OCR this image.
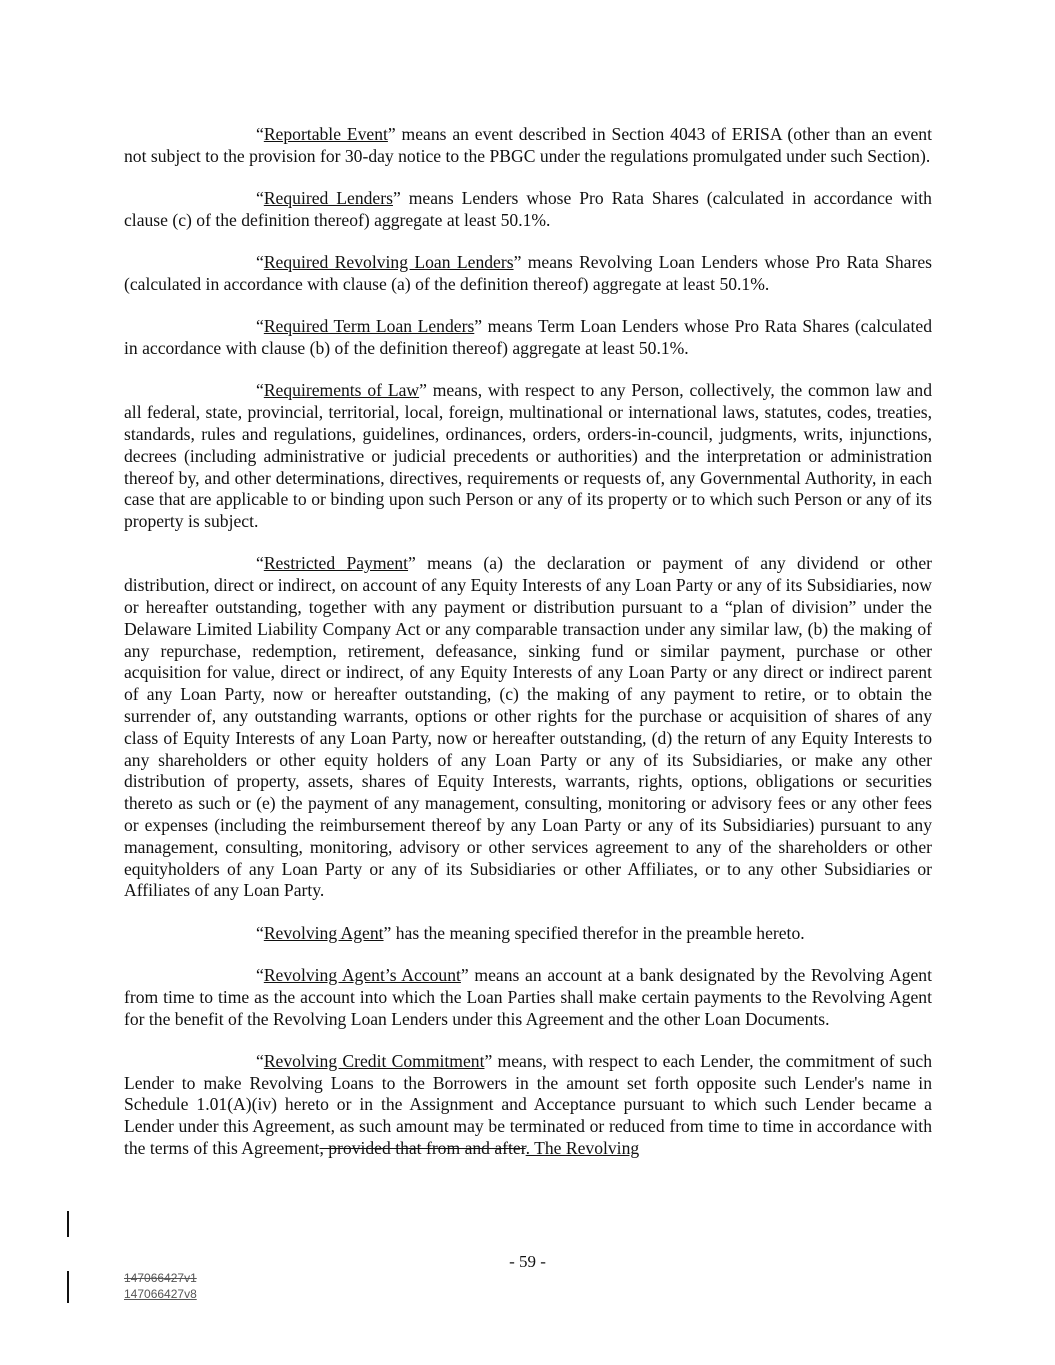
“Reportable Event” means an event described in Section 4043 of ERISA (other than an event not subject to the provision for 30-day notice to the PBGC under the regulations promulgated under such Section).

“Required Lenders” means Lenders whose Pro Rata Shares (calculated in accordance with clause (c) of the definition thereof) aggregate at least 50.1%.

“Required Revolving Loan Lenders” means Revolving Loan Lenders whose Pro Rata Shares (calculated in accordance with clause (a) of the definition thereof) aggregate at least 50.1%.

“Required Term Loan Lenders” means Term Loan Lenders whose Pro Rata Shares (calculated in accordance with clause (b) of the definition thereof) aggregate at least 50.1%.

“Requirements of Law” means, with respect to any Person, collectively, the common law and all federal, state, provincial, territorial, local, foreign, multinational or international laws, statutes, codes, treaties, standards, rules and regulations, guidelines, ordinances, orders, orders-in-council, judgments, writs, injunctions, decrees (including administrative or judicial precedents or authorities) and the interpretation or administration thereof by, and other determinations, directives, requirements or requests of, any Governmental Authority, in each case that are applicable to or binding upon such Person or any of its property or to which such Person or any of its property is subject.

“Restricted Payment” means (a) the declaration or payment of any dividend or other distribution, direct or indirect, on account of any Equity Interests of any Loan Party or any of its Subsidiaries, now or hereafter outstanding, together with any payment or distribution pursuant to a “plan of division” under the Delaware Limited Liability Company Act or any comparable transaction under any similar law, (b) the making of any repurchase, redemption, retirement, defeasance, sinking fund or similar payment, purchase or other acquisition for value, direct or indirect, of any Equity Interests of any Loan Party or any direct or indirect parent of any Loan Party, now or hereafter outstanding, (c) the making of any payment to retire, or to obtain the surrender of, any outstanding warrants, options or other rights for the purchase or acquisition of shares of any class of Equity Interests of any Loan Party, now or hereafter outstanding, (d) the return of any Equity Interests to any shareholders or other equity holders of any Loan Party or any of its Subsidiaries, or make any other distribution of property, assets, shares of Equity Interests, warrants, rights, options, obligations or securities thereto as such or (e) the payment of any management, consulting, monitoring or advisory fees or any other fees or expenses (including the reimbursement thereof by any Loan Party or any of its Subsidiaries) pursuant to any management, consulting, monitoring, advisory or other services agreement to any of the shareholders or other equityholders of any Loan Party or any of its Subsidiaries or other Affiliates, or to any other Subsidiaries or Affiliates of any Loan Party.

“Revolving Agent” has the meaning specified therefor in the preamble hereto.

“Revolving Agent’s Account” means an account at a bank designated by the Revolving Agent from time to time as the account into which the Loan Parties shall make certain payments to the Revolving Agent for the benefit of the Revolving Loan Lenders under this Agreement and the other Loan Documents.

“Revolving Credit Commitment” means, with respect to each Lender, the commitment of such Lender to make Revolving Loans to the Borrowers in the amount set forth opposite such Lender's name in Schedule 1.01(A)(iv) hereto or in the Assignment and Acceptance pursuant to which such Lender became a Lender under this Agreement, as such amount may be terminated or reduced from time to time in accordance with the terms of this Agreement, provided that from and after. The Revolving

- 59 -
147066427v1
147066427v8
